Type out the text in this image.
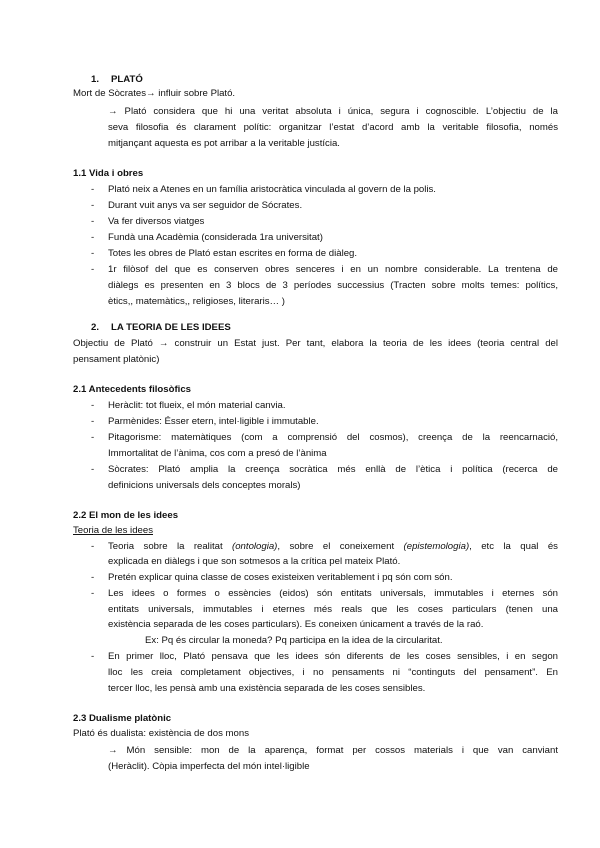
1. PLATÓ
Mort de Sòcrates→ influir sobre Plató.
→ Plató considera que hi una veritat absoluta i única, segura i cognoscible. L’objectiu de la
seva filosofia és clarament polític: organitzar l’estat d’acord amb la veritable filosofia, només
mitjançant aquesta es pot arribar a la veritable justícia.
1.1 Vida i obres
-	Plató neix a Atenes en un família aristocràtica vinculada al govern de la polis.
-	Durant vuit anys va ser seguidor de Sócrates.
-	Va fer diversos viatges
-	Fundà una Acadèmia (considerada 1ra universitat)
-	Totes les obres de Plató estan escrites en forma de diàleg.
-	1r filòsof del que es conserven obres senceres i en un nombre considerable. La trentena de
diàlegs es presenten en 3 blocs de 3 períodes successius (Tracten sobre molts temes: polítics,
ètics,, matemàtics,, religioses, literaris… )
2. LA TEORIA DE LES IDEES
Objectiu de Plató → construir un Estat just. Per tant, elabora la teoria de les idees (teoria central del
pensament platònic)
2.1 Antecedents filosòfics
-	Heràclit: tot flueix, el món material canvia.
-	Parmènides: Ésser etern, intel·ligible i immutable.
-	Pitagorisme: matemàtiques (com a comprensió del cosmos), creença de la reencarnació,
Immortalitat de l’ànima, cos com a presó de l’ànima
-	Sòcrates: Plató amplia la creença socràtica més enllà de l’ètica i política (recerca de
definicions universals dels conceptes morals)
2.2 El mon de les idees
Teoria de les idees
-	Teoria sobre la realitat (ontologia), sobre el coneixement (epistemologia), etc la qual és
explicada en diàlegs i que son sotmesos a la crítica pel mateix Plató.
-	Pretén explicar quina classe de coses existeixen veritablement i pq són com són.
-	Les idees o formes o essències (eidos) són entitats universals, immutables i eternes són
entitats universals, immutables i eternes més reals que les coses particulars (tenen una
existència separada de les coses particulars). Es coneixen únicament a través de la raó.
Ex: Pq és circular la moneda? Pq participa en la idea de la circularitat.
-	En primer lloc, Plató pensava que les idees són diferents de les coses sensibles, i en segon
lloc les creia completament objectives, i no pensaments ni “continguts del pensament”. En
tercer lloc, les pensà amb una existència separada de les coses sensibles.
2.3 Dualisme platònic
Plató és dualista: existència de dos mons
→ Món sensible: mon de la aparença, format per cossos materials i que van canviant
(Heràclit). Còpia imperfecta del món intel·ligible
